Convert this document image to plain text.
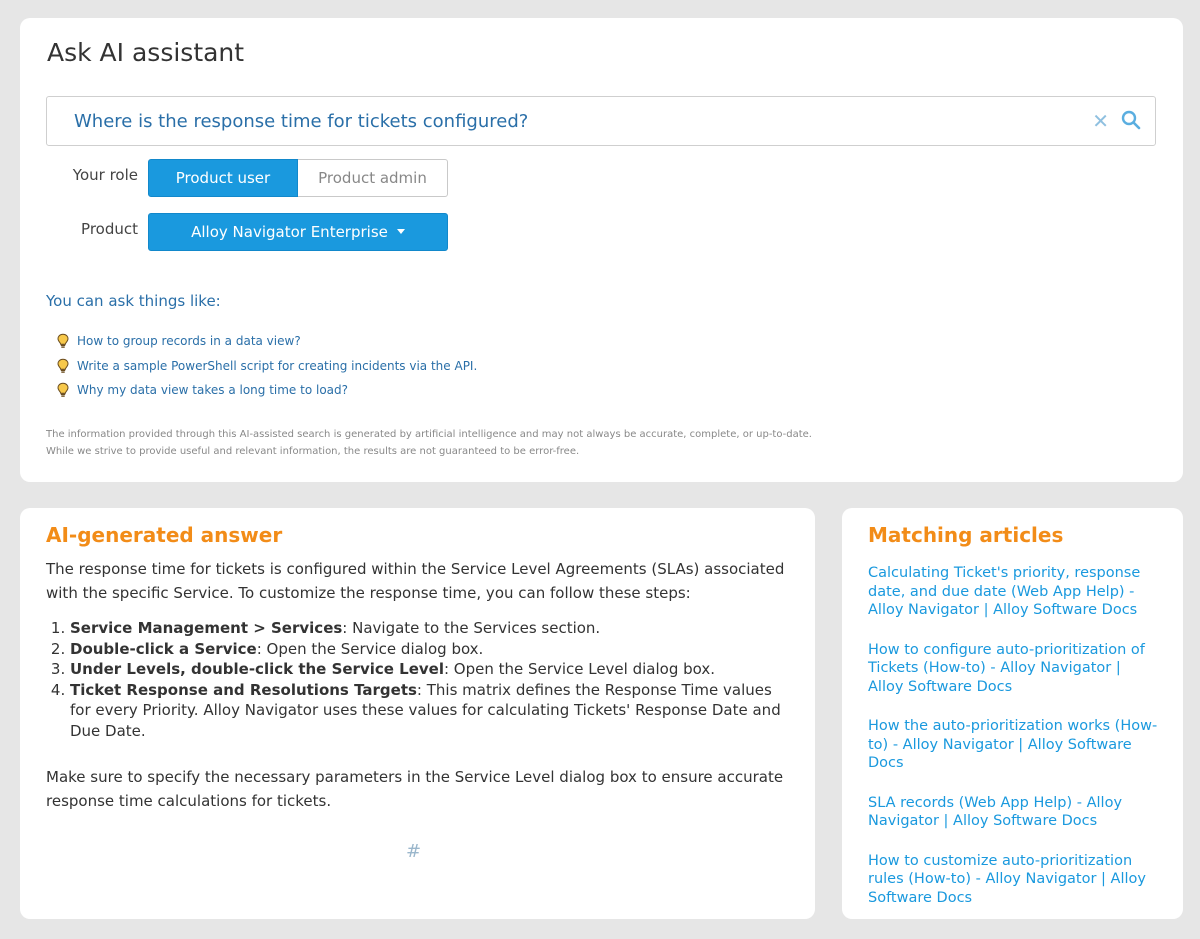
Ask AI assistant
Where is the response time for tickets configured?	✕
Your role	Product user	Product admin
Product	Alloy Navigator Enterprise
You can ask things like:
How to group records in a data view?
Write a sample PowerShell script for creating incidents via the API.
Why my data view takes a long time to load?
The information provided through this AI-assisted search is generated by artificial intelligence and may not always be accurate, complete, or up-to-date.
While we strive to provide useful and relevant information, the results are not guaranteed to be error-free.
AI-generated answer

The response time for tickets is configured within the Service Level Agreements (SLAs) associated with the specific Service. To customize the response time, you can follow these steps:

1. Service Management > Services: Navigate to the Services section.
2. Double-click a Service: Open the Service dialog box.
3. Under Levels, double-click the Service Level: Open the Service Level dialog box.
4. Ticket Response and Resolutions Targets: This matrix defines the Response Time values for every Priority. Alloy Navigator uses these values for calculating Tickets' Response Date and Due Date.

Make sure to specify the necessary parameters in the Service Level dialog box to ensure accurate response time calculations for tickets.

#
Matching articles
Calculating Ticket's priority, response date, and due date (Web App Help) - Alloy Navigator | Alloy Software Docs
How to configure auto-prioritization of Tickets (How-to) - Alloy Navigator | Alloy Software Docs
How the auto-prioritization works (How-to) - Alloy Navigator | Alloy Software Docs
SLA records (Web App Help) - Alloy Navigator | Alloy Software Docs
How to customize auto-prioritization rules (How-to) - Alloy Navigator | Alloy Software Docs
